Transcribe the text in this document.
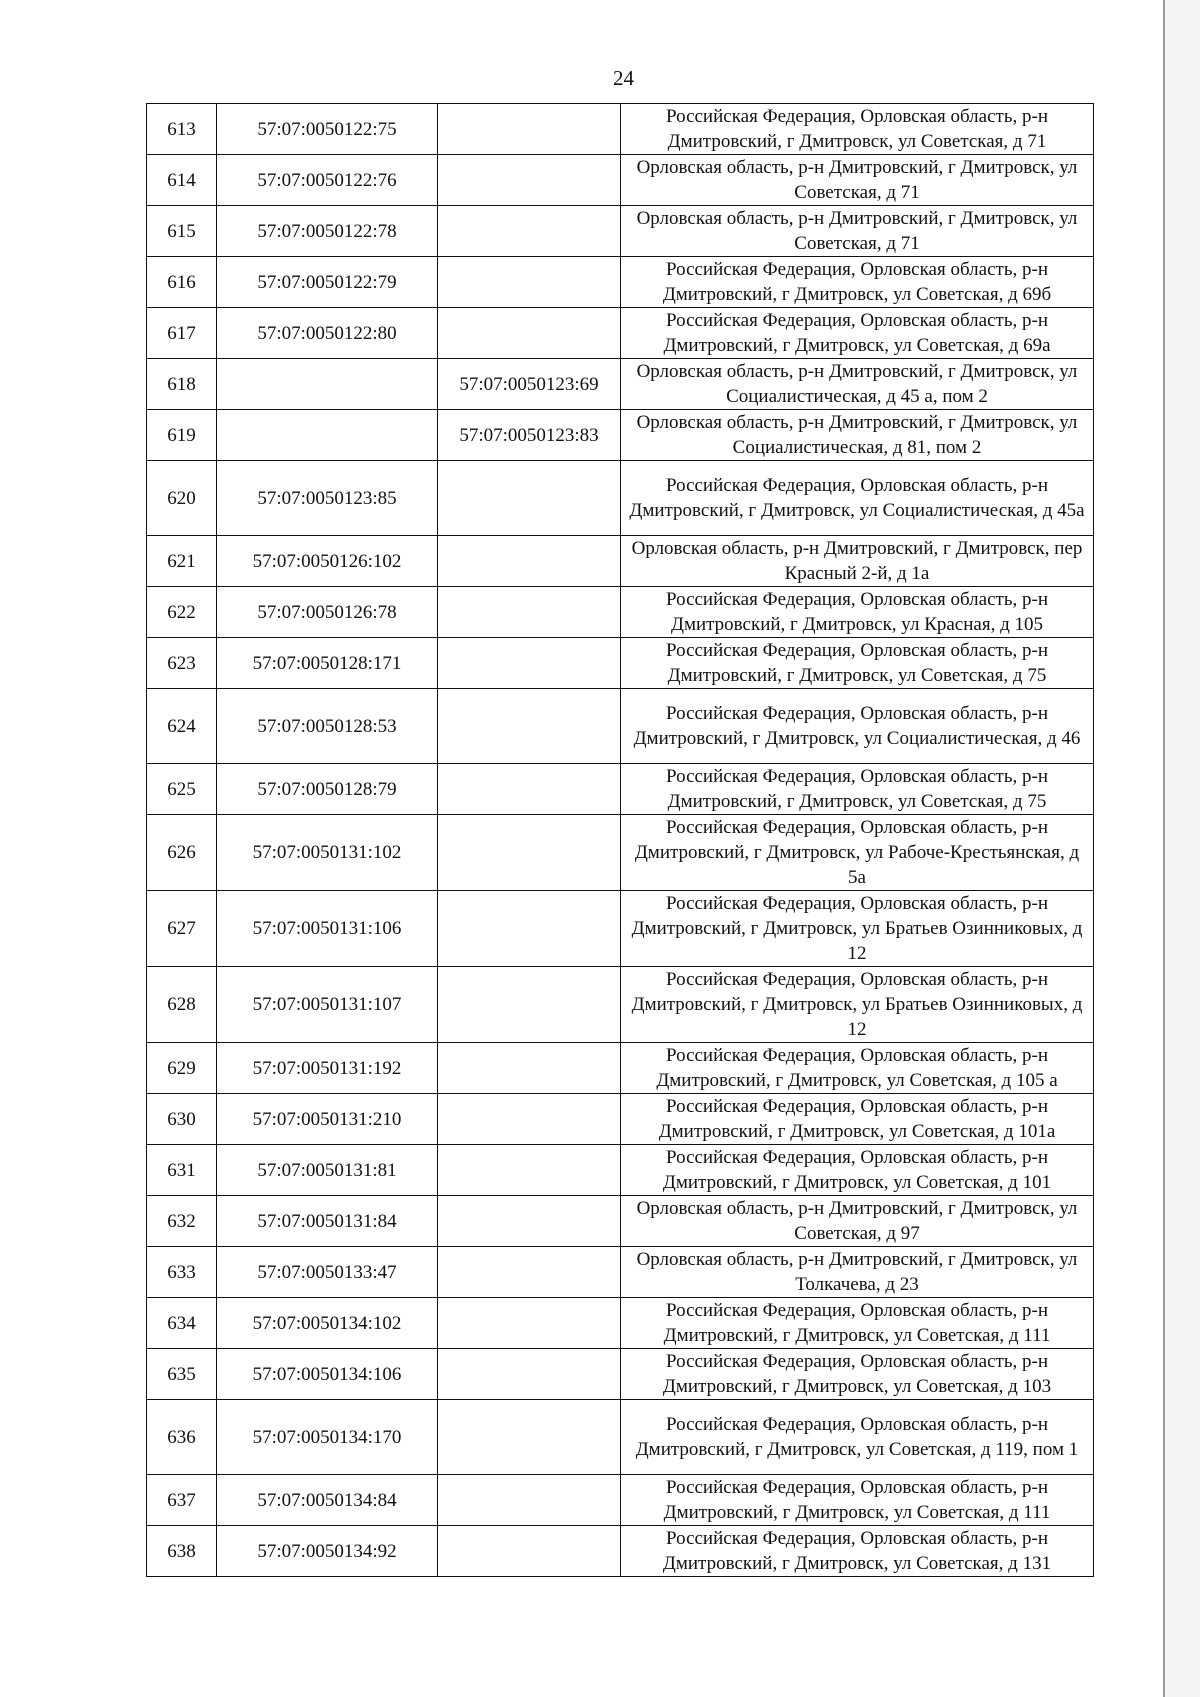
24
613	57:07:0050122:75		Российская Федерация, Орловская область, р-н Дмитровский, г Дмитровск, ул Советская, д 71
614	57:07:0050122:76		Орловская область, р-н Дмитровский, г Дмитровск, ул Советская, д 71
615	57:07:0050122:78		Орловская область, р-н Дмитровский, г Дмитровск, ул Советская, д 71
616	57:07:0050122:79		Российская Федерация, Орловская область, р-н Дмитровский, г Дмитровск, ул Советская, д 69б
617	57:07:0050122:80		Российская Федерация, Орловская область, р-н Дмитровский, г Дмитровск, ул Советская, д 69а
618		57:07:0050123:69	Орловская область, р-н Дмитровский, г Дмитровск, ул Социалистическая, д 45 а, пом 2
619		57:07:0050123:83	Орловская область, р-н Дмитровский, г Дмитровск, ул Социалистическая, д 81, пом 2
620	57:07:0050123:85		Российская Федерация, Орловская область, р-н Дмитровский, г Дмитровск, ул Социалистическая, д 45а
621	57:07:0050126:102		Орловская область, р-н Дмитровский, г Дмитровск, пер Красный 2-й, д 1а
622	57:07:0050126:78		Российская Федерация, Орловская область, р-н Дмитровский, г Дмитровск, ул Красная, д 105
623	57:07:0050128:171		Российская Федерация, Орловская область, р-н Дмитровский, г Дмитровск, ул Советская, д 75
624	57:07:0050128:53		Российская Федерация, Орловская область, р-н Дмитровский, г Дмитровск, ул Социалистическая, д 46
625	57:07:0050128:79		Российская Федерация, Орловская область, р-н Дмитровский, г Дмитровск, ул Советская, д 75
626	57:07:0050131:102		Российская Федерация, Орловская область, р-н Дмитровский, г Дмитровск, ул Рабоче-Крестьянская, д 5а
627	57:07:0050131:106		Российская Федерация, Орловская область, р-н Дмитровский, г Дмитровск, ул Братьев Озинниковых, д 12
628	57:07:0050131:107		Российская Федерация, Орловская область, р-н Дмитровский, г Дмитровск, ул Братьев Озинниковых, д 12
629	57:07:0050131:192		Российская Федерация, Орловская область, р-н Дмитровский, г Дмитровск, ул Советская, д 105 а
630	57:07:0050131:210		Российская Федерация, Орловская область, р-н Дмитровский, г Дмитровск, ул Советская, д 101а
631	57:07:0050131:81		Российская Федерация, Орловская область, р-н Дмитровский, г Дмитровск, ул Советская, д 101
632	57:07:0050131:84		Орловская область, р-н Дмитровский, г Дмитровск, ул Советская, д 97
633	57:07:0050133:47		Орловская область, р-н Дмитровский, г Дмитровск, ул Толкачева, д 23
634	57:07:0050134:102		Российская Федерация, Орловская область, р-н Дмитровский, г Дмитровск, ул Советская, д 111
635	57:07:0050134:106		Российская Федерация, Орловская область, р-н Дмитровский, г Дмитровск, ул Советская, д 103
636	57:07:0050134:170		Российская Федерация, Орловская область, р-н Дмитровский, г Дмитровск, ул Советская, д 119, пом 1
637	57:07:0050134:84		Российская Федерация, Орловская область, р-н Дмитровский, г Дмитровск, ул Советская, д 111
638	57:07:0050134:92		Российская Федерация, Орловская область, р-н Дмитровский, г Дмитровск, ул Советская, д 131
